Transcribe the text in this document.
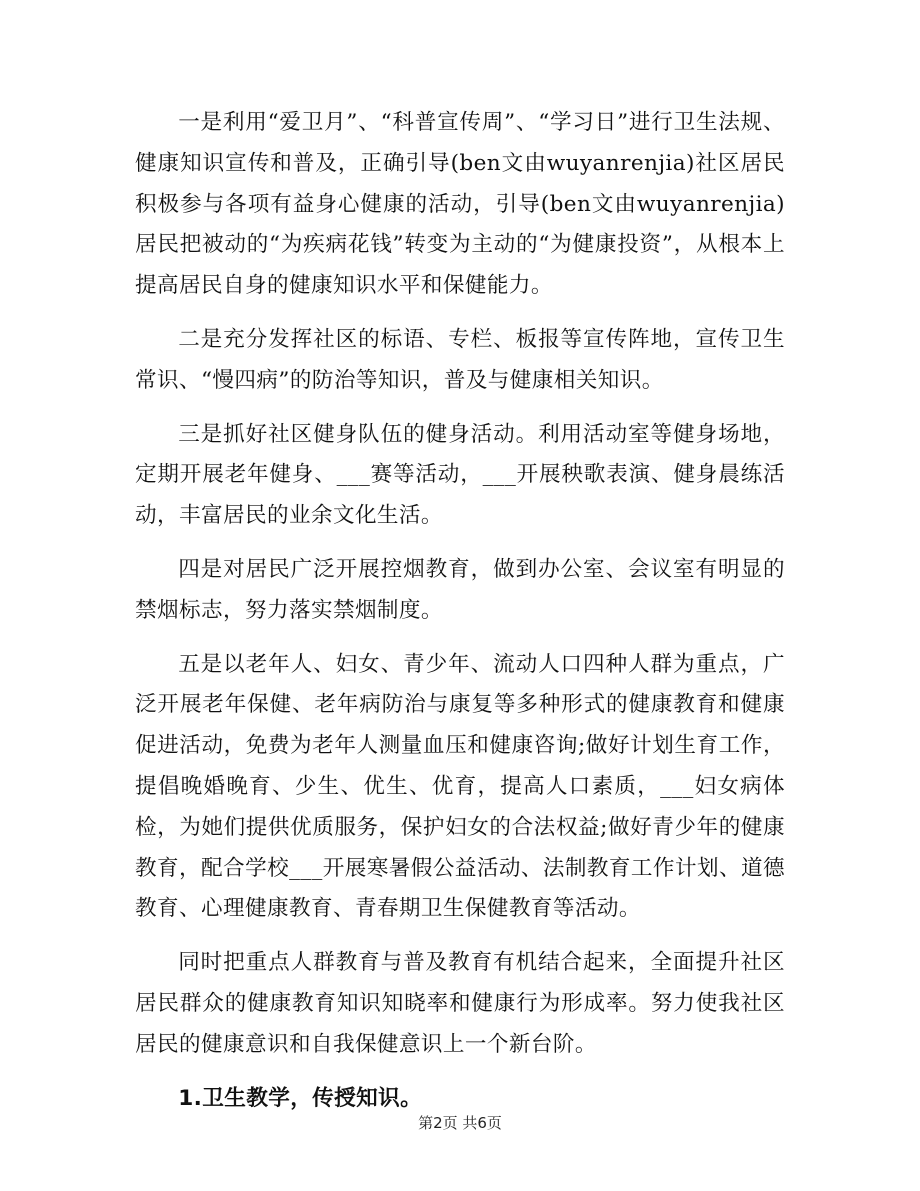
一是利用“爱卫月”、“科普宣传周”、“学习日”进行卫生法规、健康知识宣传和普及，正确引导(ben文由wuyanrenjia)社区居民积极参与各项有益身心健康的活动，引导(ben文由wuyanrenjia)居民把被动的“为疾病花钱”转变为主动的“为健康投资”，从根本上提高居民自身的健康知识水平和保健能力。

二是充分发挥社区的标语、专栏、板报等宣传阵地，宣传卫生常识、“慢四病”的防治等知识，普及与健康相关知识。

三是抓好社区健身队伍的健身活动。利用活动室等健身场地，定期开展老年健身、___赛等活动，___开展秧歌表演、健身晨练活动，丰富居民的业余文化生活。

四是对居民广泛开展控烟教育，做到办公室、会议室有明显的禁烟标志，努力落实禁烟制度。

五是以老年人、妇女、青少年、流动人口四种人群为重点，广泛开展老年保健、老年病防治与康复等多种形式的健康教育和健康促进活动，免费为老年人测量血压和健康咨询;做好计划生育工作，提倡晚婚晚育、少生、优生、优育，提高人口素质，___妇女病体检，为她们提供优质服务，保护妇女的合法权益;做好青少年的健康教育，配合学校___开展寒暑假公益活动、法制教育工作计划、道德教育、心理健康教育、青春期卫生保健教育等活动。

同时把重点人群教育与普及教育有机结合起来，全面提升社区居民群众的健康教育知识知晓率和健康行为形成率。努力使我社区居民的健康意识和自我保健意识上一个新台阶。

1.卫生教学，传授知识。

第2页 共6页
